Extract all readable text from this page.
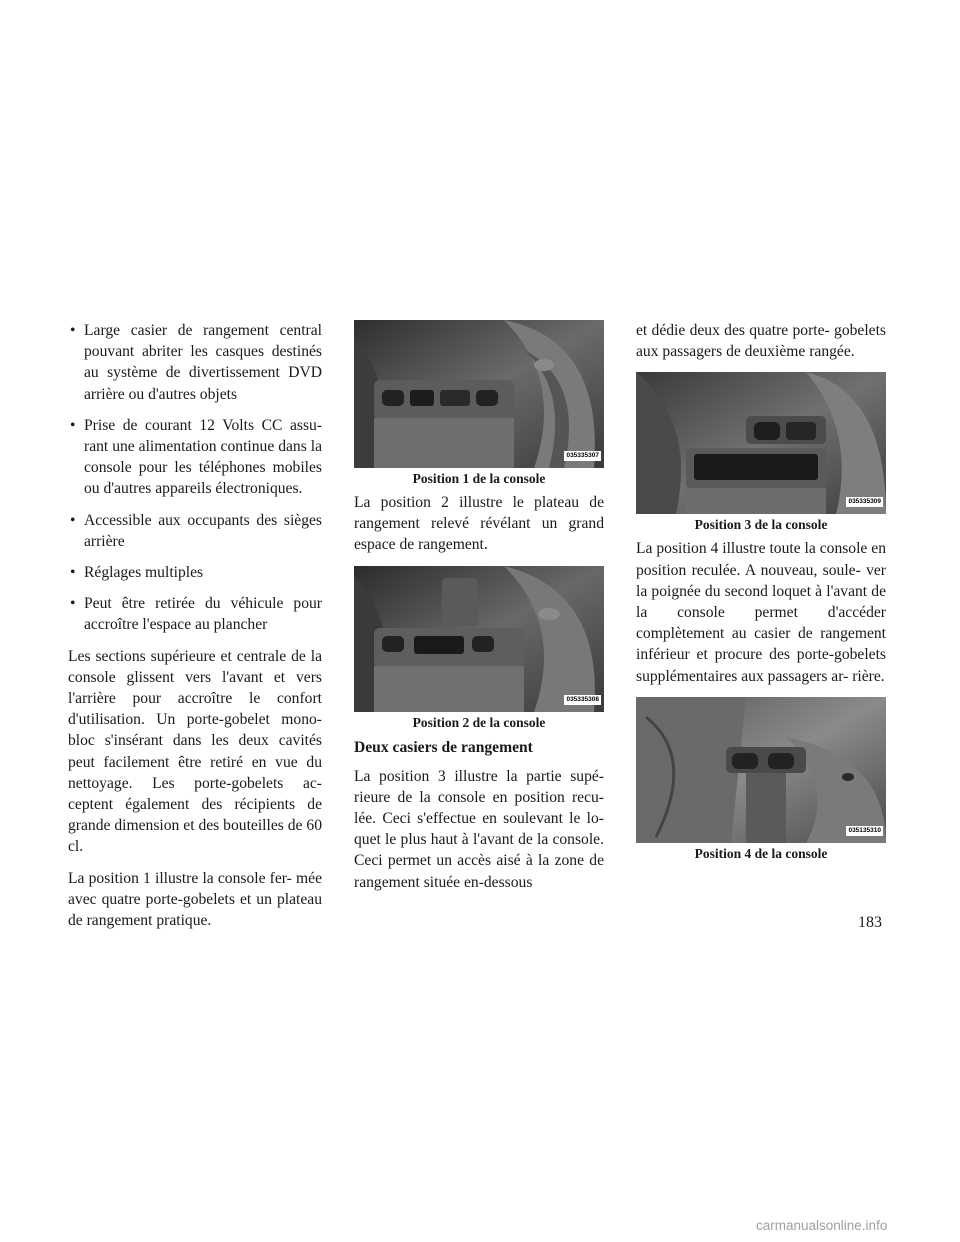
• Large casier de rangement central pouvant abriter les casques destinés au système de divertissement DVD arrière ou d'autres objets
• Prise de courant 12 Volts CC assu- rant une alimentation continue dans la console pour les téléphones mobiles ou d'autres appareils électroniques.
• Accessible aux occupants des sièges arrière
• Réglages multiples
• Peut être retirée du véhicule pour accroître l'espace au plancher

Les sections supérieure et centrale de la console glissent vers l'avant et vers l'arrière pour accroître le confort d'utilisation. Un porte-gobelet mono- bloc s'insérant dans les deux cavités peut facilement être retiré en vue du nettoyage. Les porte-gobelets ac- ceptent également des récipients de grande dimension et des bouteilles de 60 cl.

La position 1 illustre la console fer- mée avec quatre porte-gobelets et un plateau de rangement pratique.

035335307
Position 1 de la console

La position 2 illustre le plateau de rangement relevé révélant un grand espace de rangement.

035335308
Position 2 de la console
Deux casiers de rangement

La position 3 illustre la partie supé- rieure de la console en position recu- lée. Ceci s'effectue en soulevant le lo- quet le plus haut à l'avant de la console. Ceci permet un accès aisé à la zone de rangement située en-dessous

et dédie deux des quatre porte- gobelets aux passagers de deuxième rangée.

035335309
Position 3 de la console

La position 4 illustre toute la console en position reculée. A nouveau, soule- ver la poignée du second loquet à l'avant de la console permet d'accéder complètement au casier de rangement inférieur et procure des porte-gobelets supplémentaires aux passagers ar- rière.

035135310
Position 4 de la console
183
carmanualsonline.info
